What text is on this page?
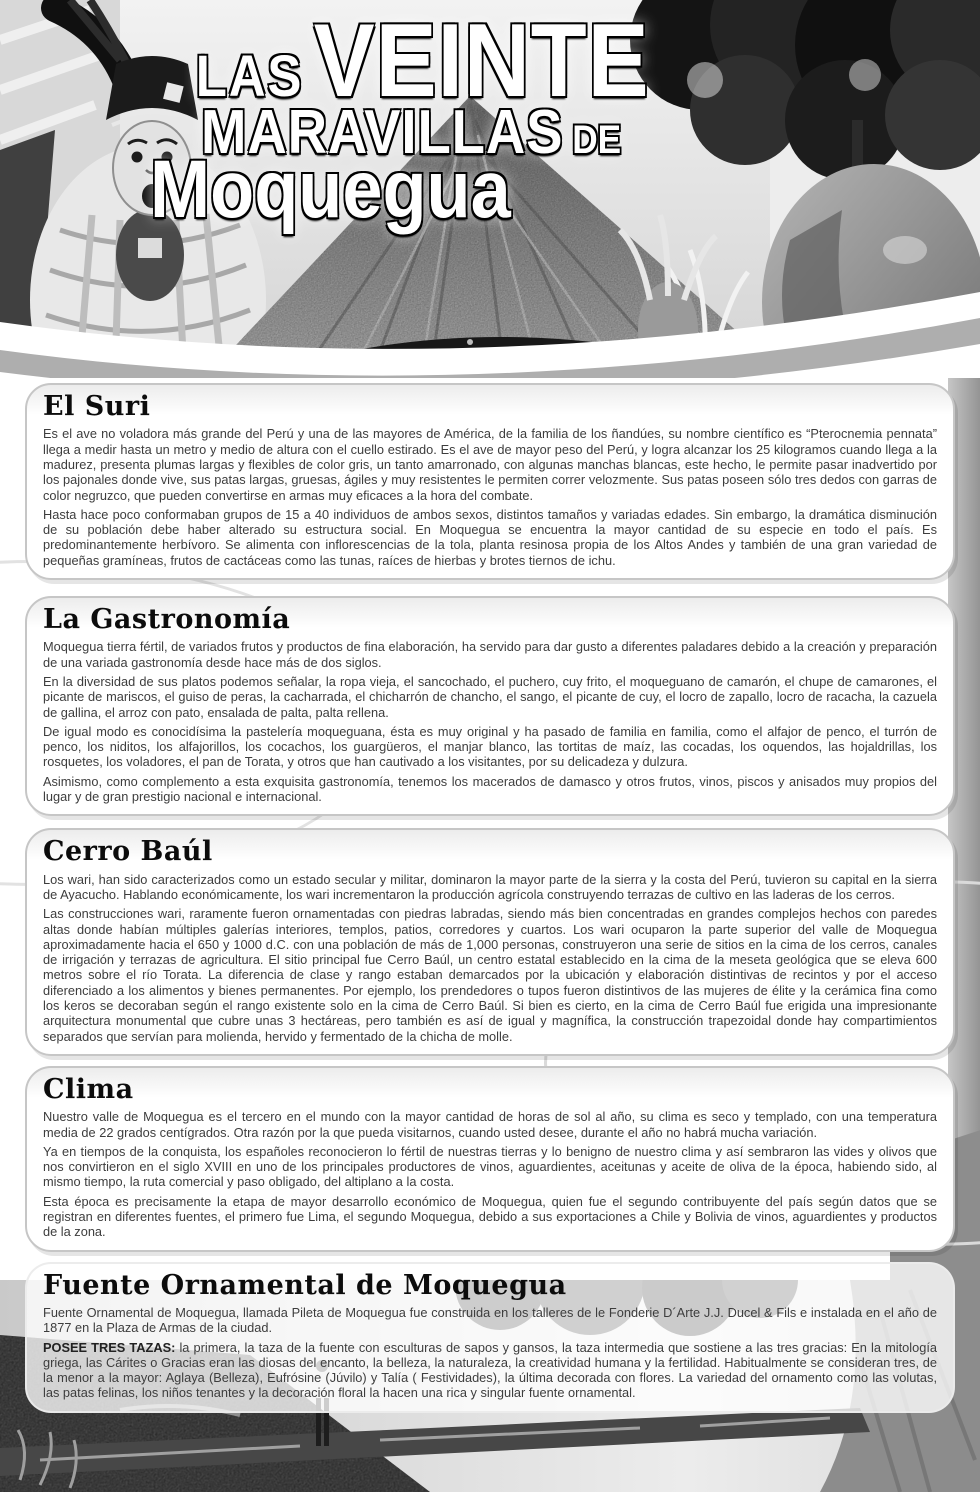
LAS VEINTE
MARAVILLAS DE
Moquegua
El Suri

Es el ave no voladora más grande del Perú y una de las mayores de América, de la familia de los ñandúes, su nombre científico es “Pterocnemia pennata” llega a medir hasta un metro y medio de altura con el cuello estirado. Es el ave de mayor peso del Perú, y logra alcanzar los 25 kilogramos cuando llega a la madurez, presenta plumas largas y flexibles de color gris, un tanto amarronado, con algunas manchas blancas, este hecho, le permite pasar inadvertido por los pajonales donde vive, sus patas largas, gruesas, ágiles y muy resistentes le permiten correr velozmente. Sus patas poseen sólo tres dedos con garras de color negruzco, que pueden convertirse en armas muy eficaces a la hora del combate.

Hasta hace poco conformaban grupos de 15 a 40 individuos de ambos sexos, distintos tamaños y variadas edades. Sin embargo, la dramática disminución de su población debe haber alterado su estructura social. En Moquegua se encuentra la mayor cantidad de su especie en todo el país. Es predominantemente herbívoro. Se alimenta con inflorescencias de la tola, planta resinosa propia de los Altos Andes y también de una gran variedad de pequeñas gramíneas, frutos de cactáceas como las tunas, raíces de hierbas y brotes tiernos de ichu.

La Gastronomía

Moquegua tierra fértil, de variados frutos y productos de fina elaboración, ha servido para dar gusto a diferentes paladares debido a la creación y preparación de una variada gastronomía desde hace más de dos siglos.

En la diversidad de sus platos podemos señalar, la ropa vieja, el sancochado, el puchero, cuy frito, el moqueguano de camarón, el chupe de camarones, el picante de mariscos, el guiso de peras, la cacharrada, el chicharrón de chancho, el sango, el picante de cuy, el locro de zapallo, locro de racacha, la cazuela de gallina, el arroz con pato, ensalada de palta, palta rellena.

De igual modo es conocidísima la pastelería moqueguana, ésta es muy original y ha pasado de familia en familia, como el alfajor de penco, el turrón de penco, los niditos, los alfajorillos, los cocachos, los guargüeros, el manjar blanco, las tortitas de maíz, las cocadas, los oquendos, las hojaldrillas, los rosquetes, los voladores, el pan de Torata, y otros que han cautivado a los visitantes, por su delicadeza y dulzura.

Asimismo, como complemento a esta exquisita gastronomía, tenemos los macerados de damasco y otros frutos, vinos, piscos y anisados muy propios del lugar y de gran prestigio nacional e internacional.

Cerro Baúl

Los wari, han sido caracterizados como un estado secular y militar, dominaron la mayor parte de la sierra y la costa del Perú, tuvieron su capital en la sierra de Ayacucho. Hablando económicamente, los wari incrementaron la producción agrícola construyendo terrazas de cultivo en las laderas de los cerros.

Las construcciones wari, raramente fueron ornamentadas con piedras labradas, siendo más bien concentradas en grandes complejos hechos con paredes altas donde habían múltiples galerías interiores, templos, patios, corredores y cuartos. Los wari ocuparon la parte superior del valle de Moquegua aproximadamente hacia el 650 y 1000 d.C. con una población de más de 1,000 personas, construyeron una serie de sitios en la cima de los cerros, canales de irrigación y terrazas de agricultura. El sitio principal fue Cerro Baúl, un centro estatal establecido en la cima de la meseta geológica que se eleva 600 metros sobre el río Torata. La diferencia de clase y rango estaban demarcados por la ubicación y elaboración distintivas de recintos y por el acceso diferenciado a los alimentos y bienes permanentes. Por ejemplo, los prendedores o tupos fueron distintivos de las mujeres de élite y la cerámica fina como los keros se decoraban según el rango existente solo en la cima de Cerro Baúl. Si bien es cierto, en la cima de Cerro Baúl fue erigida una impresionante arquitectura monumental que cubre unas 3 hectáreas, pero también es así de igual y magnífica, la construcción trapezoidal donde hay compartimientos separados que servían para molienda, hervido y fermentado de la chicha de molle.

Clima

Nuestro valle de Moquegua es el tercero en el mundo con la mayor cantidad de horas de sol al año, su clima es seco y templado, con una temperatura media de 22 grados centígrados. Otra razón por la que pueda visitarnos, cuando usted desee, durante el año no habrá mucha variación.

Ya en tiempos de la conquista, los españoles reconocieron lo fértil de nuestras tierras y lo benigno de nuestro clima y así sembraron las vides y olivos que nos convirtieron en el siglo XVIII en uno de los principales productores de vinos, aguardientes, aceitunas y aceite de oliva de la época, habiendo sido, al mismo tiempo, la ruta comercial y paso obligado, del altiplano a la costa.

Esta época es precisamente la etapa de mayor desarrollo económico de Moquegua, quien fue el segundo contribuyente del país según datos que se registran en diferentes fuentes, el primero fue Lima, el segundo Moquegua, debido a sus exportaciones a Chile y Bolivia de vinos, aguardientes y productos de la zona.

Fuente Ornamental de Moquegua

Fuente Ornamental de Moquegua, llamada Pileta de Moquegua fue construida en los talleres de le Fonderie D´Arte J.J. Ducel & Fils e instalada en el año de 1877 en la Plaza de Armas de la ciudad.

POSEE TRES TAZAS: la primera, la taza de la fuente con esculturas de sapos y gansos, la taza intermedia que sostiene a las tres gracias: En la mitología griega, las Cárites o Gracias eran las diosas del encanto, la belleza, la naturaleza, la creatividad humana y la fertilidad. Habitualmente se consideran tres, de la menor a la mayor: Aglaya (Belleza), Eufrósine (Júvilo) y Talía ( Festividades), la última decorada con flores. La variedad del ornamento como las volutas, las patas felinas, los niños tenantes y la decoración floral la hacen una rica y singular fuente ornamental.
